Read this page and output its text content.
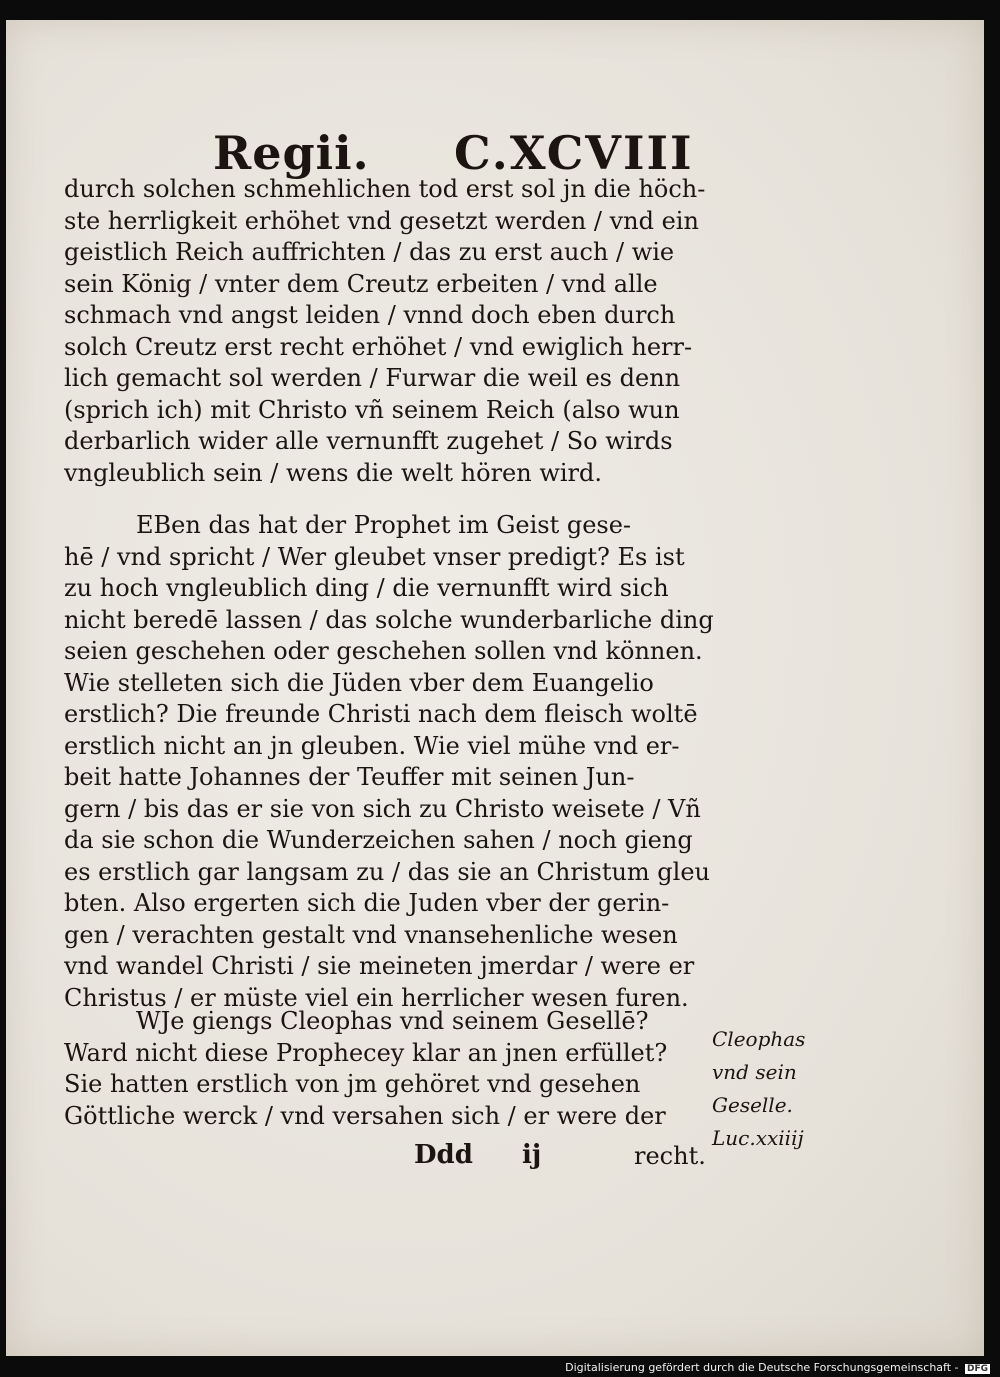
Regii. C.XCVIII
durch solchen schmehlichen tod erst sol jn die höch-
ste herrligkeit erhöhet vnd gesetzt werden / vnd ein
geistlich Reich auffrichten / das zu erst auch / wie
sein König / vnter dem Creutz erbeiten / vnd alle
schmach vnd angst leiden / vnnd doch eben durch
solch Creutz erst recht erhöhet / vnd ewiglich herr-
lich gemacht sol werden / Furwar die weil es denn
(sprich ich) mit Christo vñ seinem Reich (also wun
derbarlich wider alle vernunfft zugehet / So wirds
vngleublich sein / wens die welt hören wird.
EBen das hat der Prophet im Geist gese-
hē / vnd spricht / Wer gleubet vnser predigt? Es ist
zu hoch vngleublich ding / die vernunfft wird sich
nicht beredē lassen / das solche wunderbarliche ding
seien geschehen oder geschehen sollen vnd können.
Wie stelleten sich die Jüden vber dem Euangelio
erstlich? Die freunde Christi nach dem fleisch woltē
erstlich nicht an jn gleuben. Wie viel mühe vnd er-
beit hatte Johannes der Teuffer mit seinen Jun-
gern / bis das er sie von sich zu Christo weisete / Vñ
da sie schon die Wunderzeichen sahen / noch gieng
es erstlich gar langsam zu / das sie an Christum gleu
bten. Also ergerten sich die Juden vber der gerin-
gen / verachten gestalt vnd vnansehenliche wesen
vnd wandel Christi / sie meineten jmerdar / were er
Christus / er müste viel ein herrlicher wesen furen.
WJe giengs Cleophas vnd seinem Gesellē?
Ward nicht diese Prophecey klar an jnen erfüllet?
Sie hatten erstlich von jm gehöret vnd gesehen
Göttliche werck / vnd versahen sich / er were der
Cleophas
vnd sein
Geselle.
Luc.xxiiij
Ddd ij	recht.
Digitalisierung gefördert durch die Deutsche Forschungsgemeinschaft - DFG
